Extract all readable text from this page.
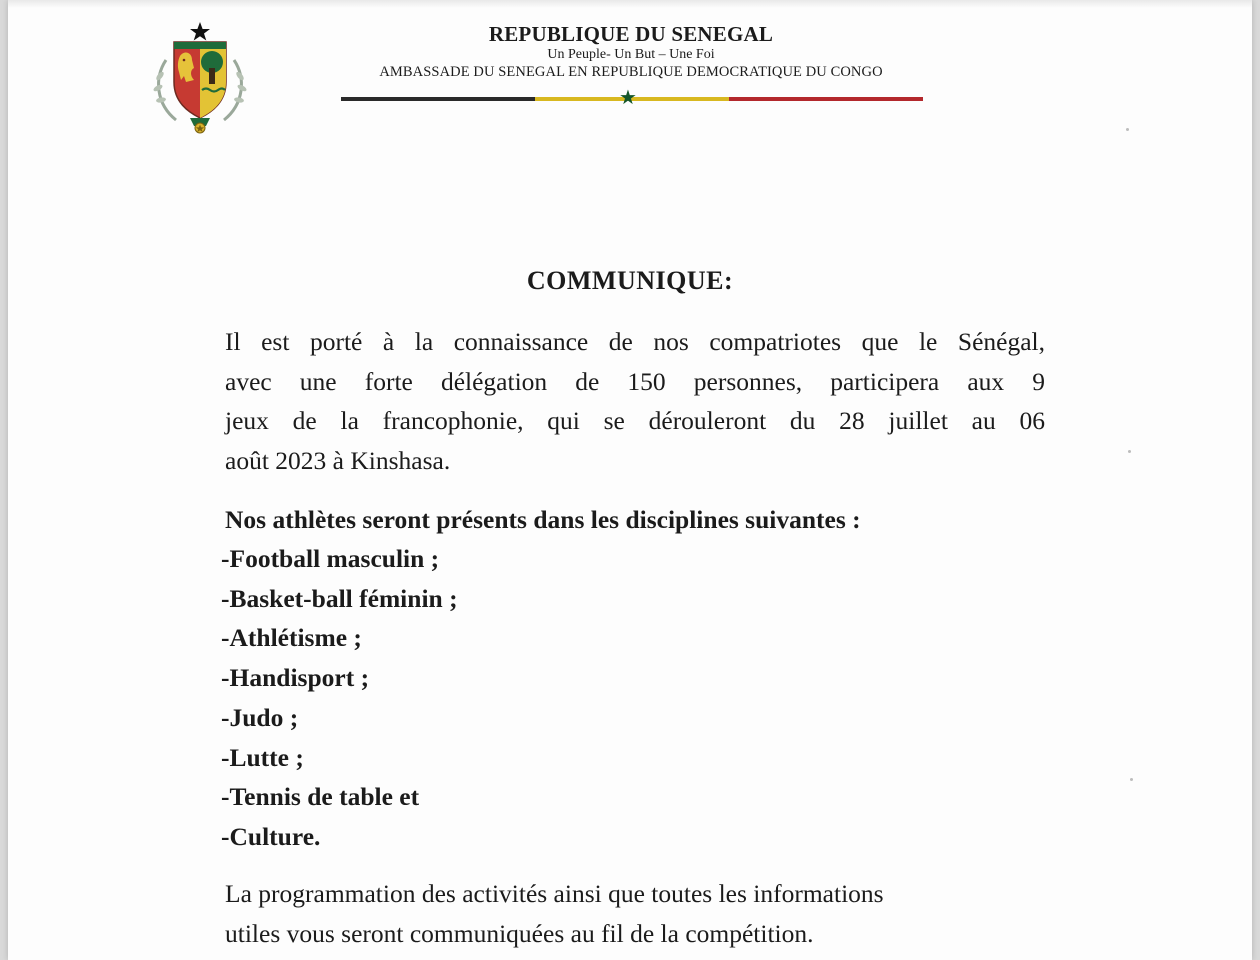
REPUBLIQUE DU SENEGAL
Un Peuple- Un But – Une Foi
AMBASSADE DU SENEGAL EN REPUBLIQUE DEMOCRATIQUE DU CONGO
★
COMMUNIQUE:
Il est porté à la connaissance de nos compatriotes que le Sénégal,
avec une forte délégation de 150 personnes, participera aux 9
jeux de la francophonie, qui se dérouleront du 28 juillet au 06
août 2023 à Kinshasa.
Nos athlètes seront présents dans les disciplines suivantes :
-Football masculin ;
-Basket-ball féminin ;
-Athlétisme ;
-Handisport ;
-Judo ;
-Lutte ;
-Tennis de table et
-Culture.
La programmation des activités ainsi que toutes les informations
utiles vous seront communiquées au fil de la compétition.
